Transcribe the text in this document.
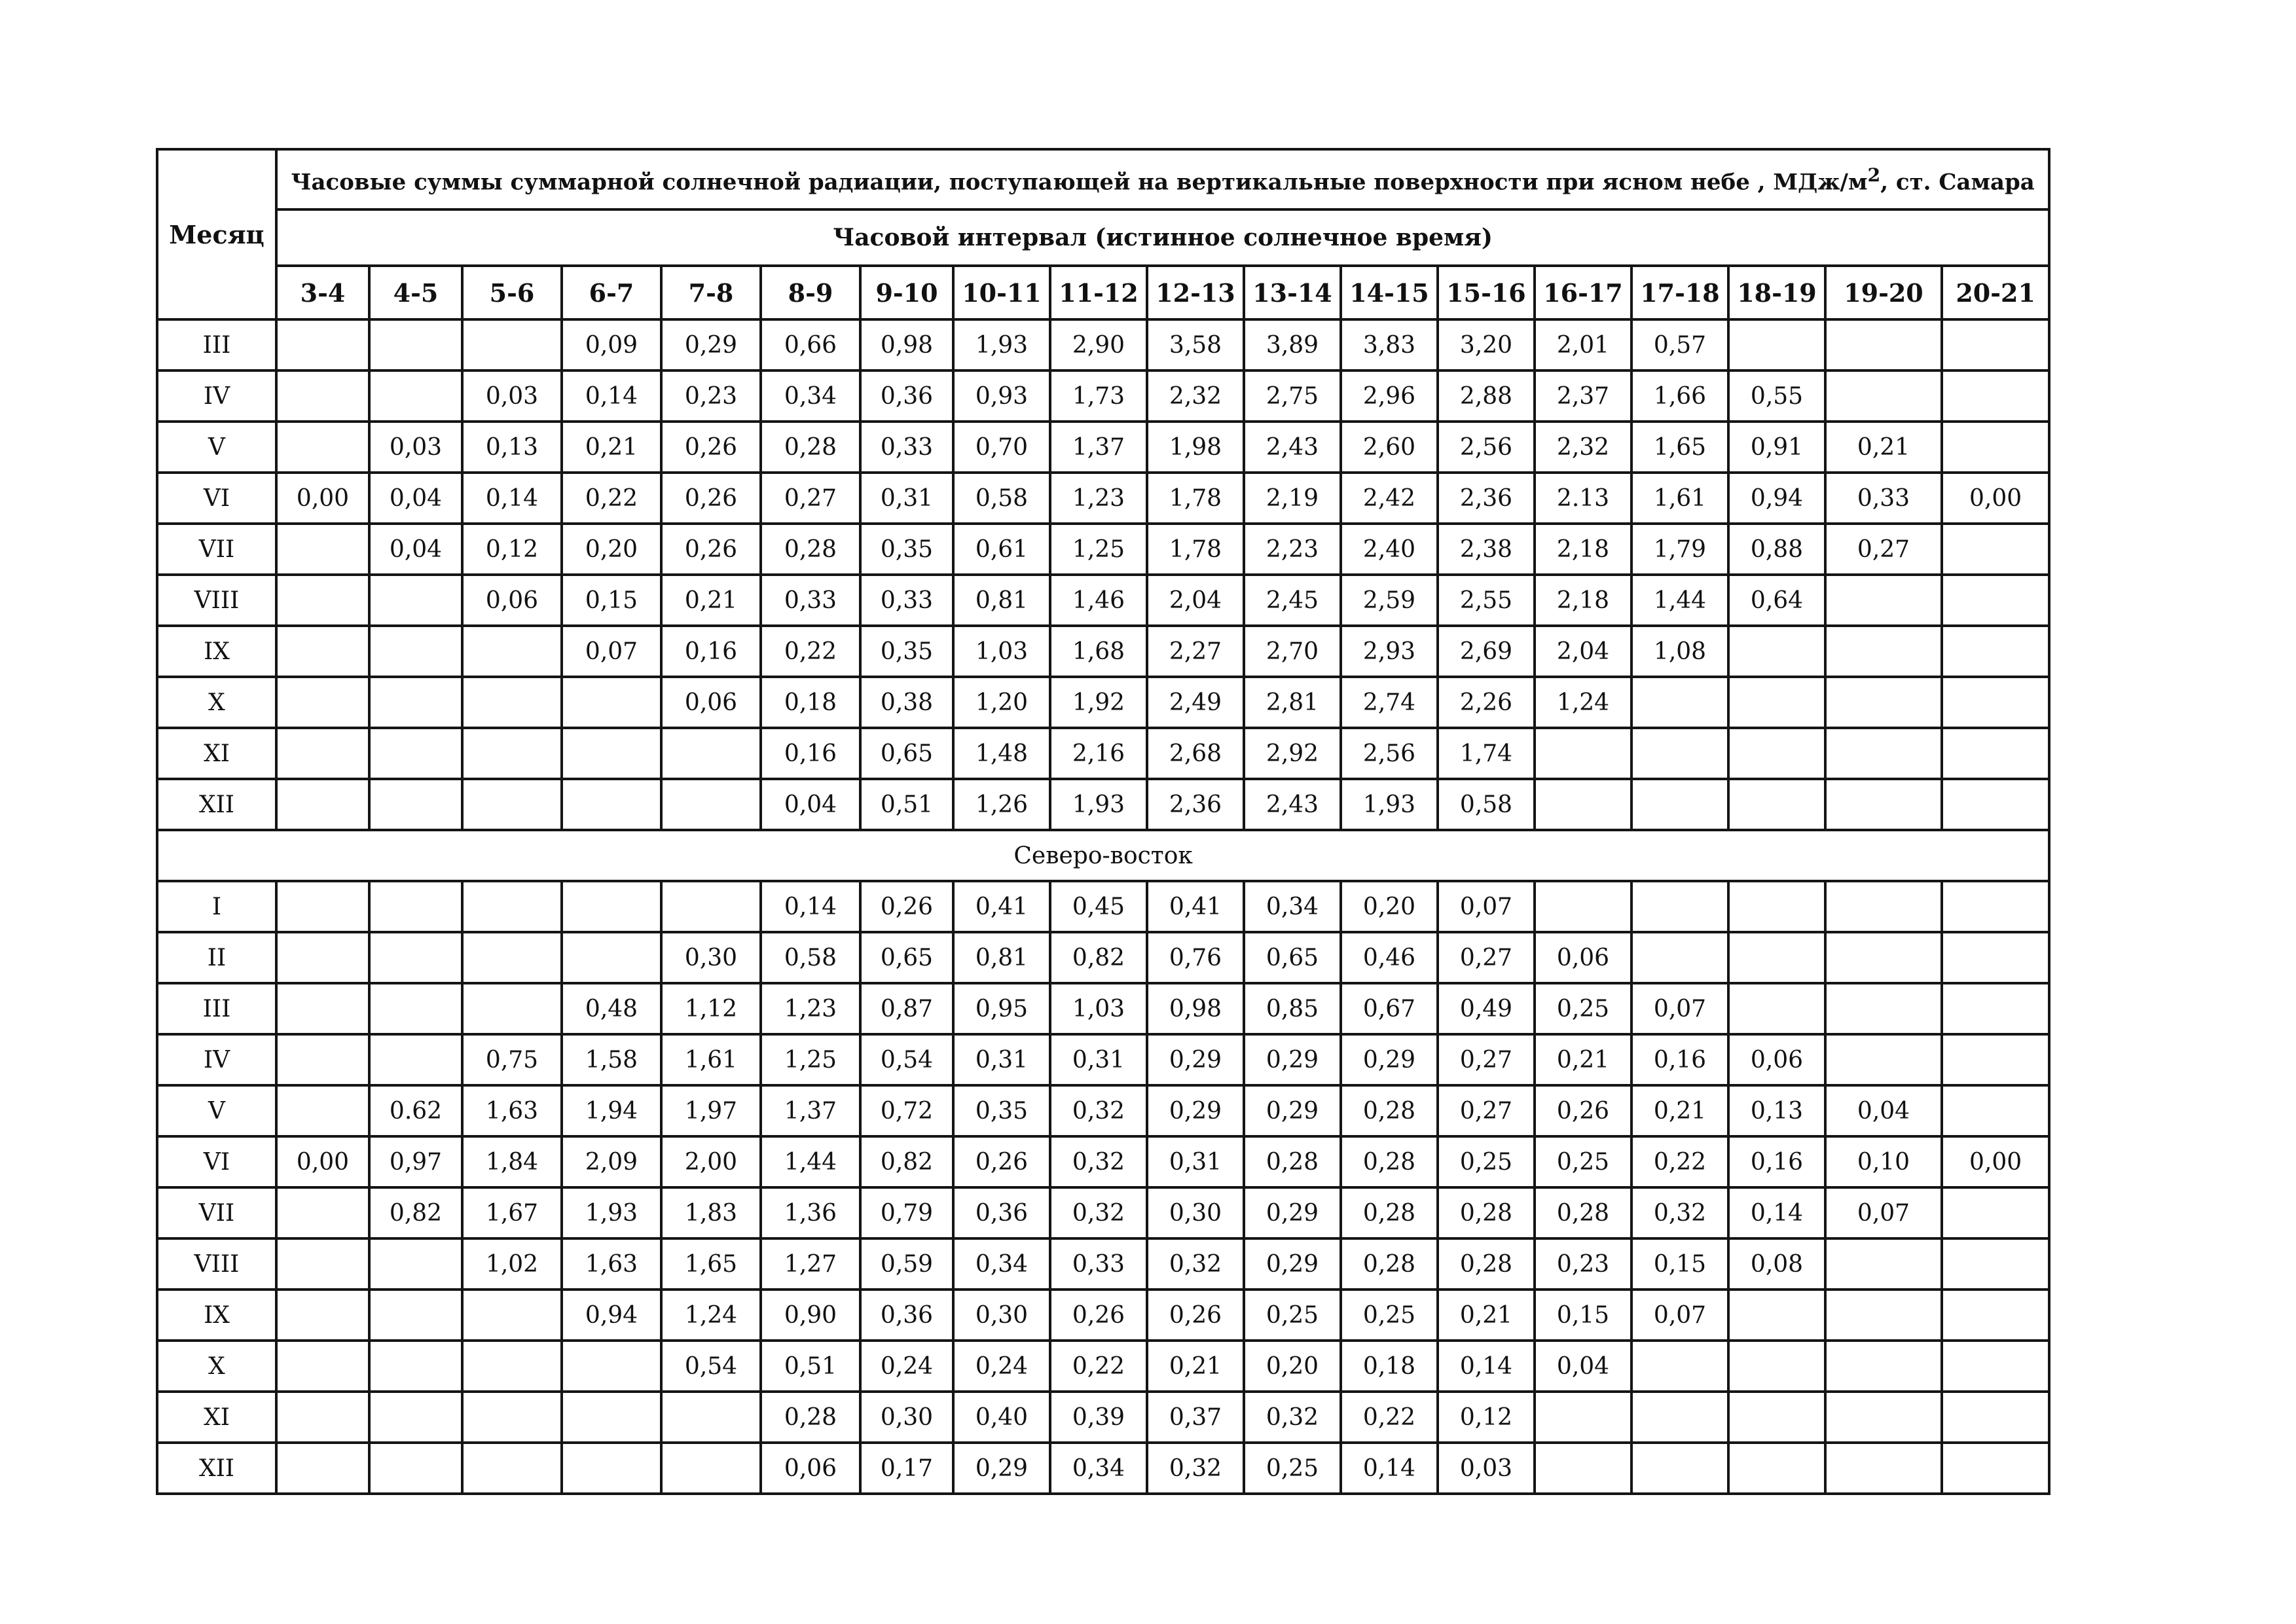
Месяц	Часовые суммы суммарной солнечной радиации, поступающей на вертикальные поверхности при ясном небе , МДж/$м^2$, ст. Самара																	
	Часовой интервал (истинное солнечное время)																	
	3-4	4-5	5-6	6-7	7-8	8-9	9-10	10-11	11-12	12-13	13-14	14-15	15-16	16-17	17-18	18-19	19-20	20-21
III				0,09	0,29	0,66	0,98	1,93	2,90	3,58	3,89	3,83	3,20	2,01	0,57			
IV			0,03	0,14	0,23	0,34	0,36	0,93	1,73	2,32	2,75	2,96	2,88	2,37	1,66	0,55		
V		0,03	0,13	0,21	0,26	0,28	0,33	0,70	1,37	1,98	2,43	2,60	2,56	2,32	1,65	0,91	0,21	
VI	0,00	0,04	0,14	0,22	0,26	0,27	0,31	0,58	1,23	1,78	2,19	2,42	2,36	2.13	1,61	0,94	0,33	0,00
VII		0,04	0,12	0,20	0,26	0,28	0,35	0,61	1,25	1,78	2,23	2,40	2,38	2,18	1,79	0,88	0,27	
VIII			0,06	0,15	0,21	0,33	0,33	0,81	1,46	2,04	2,45	2,59	2,55	2,18	1,44	0,64		
IX				0,07	0,16	0,22	0,35	1,03	1,68	2,27	2,70	2,93	2,69	2,04	1,08			
X					0,06	0,18	0,38	1,20	1,92	2,49	2,81	2,74	2,26	1,24				
XI						0,16	0,65	1,48	2,16	2,68	2,92	2,56	1,74					
XII						0,04	0,51	1,26	1,93	2,36	2,43	1,93	0,58					
Северо-восток																		
I						0,14	0,26	0,41	0,45	0,41	0,34	0,20	0,07					
II					0,30	0,58	0,65	0,81	0,82	0,76	0,65	0,46	0,27	0,06				
III				0,48	1,12	1,23	0,87	0,95	1,03	0,98	0,85	0,67	0,49	0,25	0,07			
IV			0,75	1,58	1,61	1,25	0,54	0,31	0,31	0,29	0,29	0,29	0,27	0,21	0,16	0,06		
V		0.62	1,63	1,94	1,97	1,37	0,72	0,35	0,32	0,29	0,29	0,28	0,27	0,26	0,21	0,13	0,04	
VI	0,00	0,97	1,84	2,09	2,00	1,44	0,82	0,26	0,32	0,31	0,28	0,28	0,25	0,25	0,22	0,16	0,10	0,00
VII		0,82	1,67	1,93	1,83	1,36	0,79	0,36	0,32	0,30	0,29	0,28	0,28	0,28	0,32	0,14	0,07	
VIII			1,02	1,63	1,65	1,27	0,59	0,34	0,33	0,32	0,29	0,28	0,28	0,23	0,15	0,08		
IX				0,94	1,24	0,90	0,36	0,30	0,26	0,26	0,25	0,25	0,21	0,15	0,07			
X					0,54	0,51	0,24	0,24	0,22	0,21	0,20	0,18	0,14	0,04				
XI						0,28	0,30	0,40	0,39	0,37	0,32	0,22	0,12					
XII						0,06	0,17	0,29	0,34	0,32	0,25	0,14	0,03					
